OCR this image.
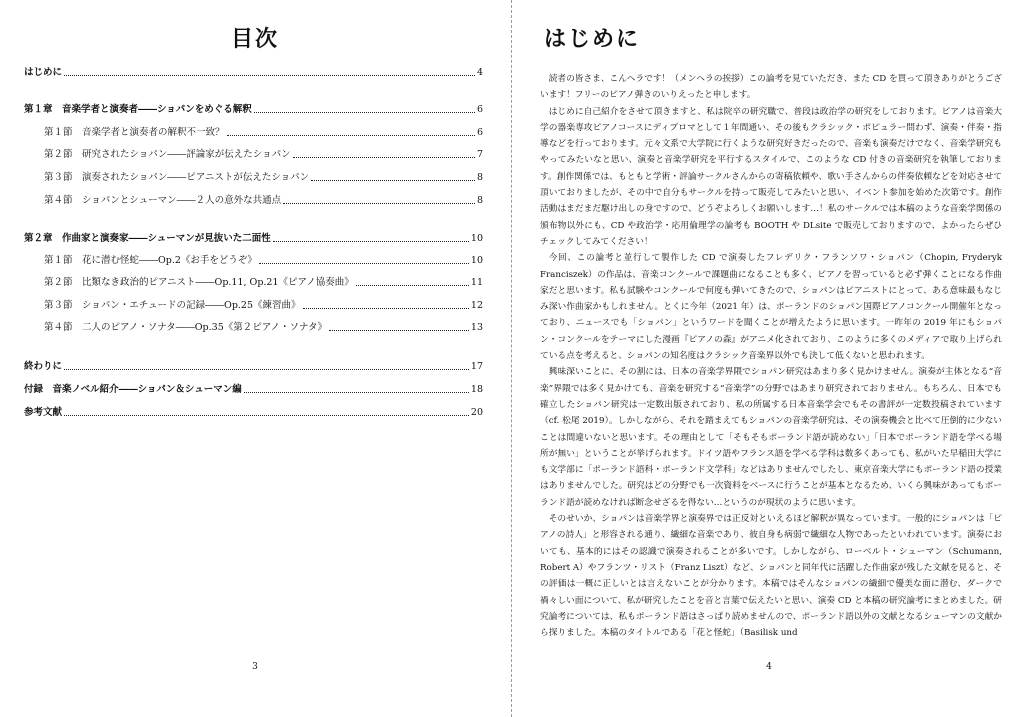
目次
はじめに	4
第１章　音楽学者と演奏者――ショパンをめぐる解釈	6
第１節　音楽学者と演奏者の解釈不一致？	6
第２節　研究されたショパン――評論家が伝えたショパン	7
第３節　演奏されたショパン――ピアニストが伝えたショパン	8
第４節　ショパンとシューマン――２人の意外な共通点	8
第２章　作曲家と演奏家――シューマンが見抜いた二面性	10
第１節　花に潜む怪蛇――Op.2《お手をどうぞ》	10
第２節　比類なき政治的ピアニスト――Op.11, Op.21《ピアノ協奏曲》	11
第３節　ショパン・エチュードの記録――Op.25《練習曲》	12
第４節　二人のピアノ・ソナタ――Op.35《第２ピアノ・ソナタ》	13
終わりに	17
付録　音楽ノベル紹介――ショパン＆シューマン編	18
参考文献	20
3
はじめに

読者の皆さま、こんヘラです！（メンヘラの挨拶）この論考を見ていただき、また CD を買って頂きありがとうございます！フリーのピアノ弾きのいりえったと申します。

はじめに自己紹介をさせて頂きますと、私は院卒の研究職で、普段は政治学の研究をしております。ピアノは音楽大学の器楽専攻ピアノコースにディプロマとして１年間通い、その後もクラシック・ポピュラー問わず、演奏・伴奏・指導などを行っております。元々文系で大学院に行くような研究好きだったので、音楽も演奏だけでなく、音楽学研究もやってみたいなと思い、演奏と音楽学研究を平行するスタイルで、このような CD 付きの音楽研究を執筆しております。創作関係では、もともと学術・評論サークルさんからの寄稿依頼や、歌い手さんからの伴奏依頼などを対応させて頂いておりましたが、その中で自分もサークルを持って販売してみたいと思い、イベント参加を始めた次第です。創作活動はまだまだ駆け出しの身ですので、どうぞよろしくお願いします…！私のサークルでは本稿のような音楽学関係の頒布物以外にも、CD や政治学・応用倫理学の論考も BOOTH や DLsite で販売しておりますので、よかったらぜひチェックしてみてください！

今回、この論考と並行して製作した CD で演奏したフレデリク・フランソワ・ショパン（Chopin, Fryderyk Franciszek）の作品は、音楽コンクールで課題曲になることも多く、ピアノを習っていると必ず弾くことになる作曲家だと思います。私も試験やコンクールで何度も弾いてきたので、ショパンはピアニストにとって、ある意味最もなじみ深い作曲家かもしれません。とくに今年（2021 年）は、ポーランドのショパン国際ピアノコンクール開催年となっており、ニュースでも「ショパン」というワードを聞くことが増えたように思います。一昨年の 2019 年にもショパン・コンクールをテーマにした漫画『ピアノの森』がアニメ化されており、このように多くのメディアで取り上げられている点を考えると、ショパンの知名度はクラシック音楽界以外でも決して低くないと思われます。

興味深いことに、その割には、日本の音楽学界隈でショパン研究はあまり多く見かけません。演奏が主体となる“音楽”界隈では多く見かけても、音楽を研究する“音楽学”の分野ではあまり研究されておりません。もちろん、日本でも確立したショパン研究は一定数出版されており、私の所属する日本音楽学会でもその書評が一定数投稿されています（cf. 松尾 2019）。しかしながら、それを踏まえてもショパンの音楽学研究は、その演奏機会と比べて圧倒的に少ないことは間違いないと思います。その理由として「そもそもポーランド語が読めない」「日本でポーランド語を学べる場所が無い」ということが挙げられます。ドイツ語やフランス語を学べる学科は数多くあっても、私がいた早稲田大学にも文学部に「ポーランド語科・ポーランド文学科」などはありませんでしたし、東京音楽大学にもポーランド語の授業はありませんでした。研究はどの分野でも一次資料をベースに行うことが基本となるため、いくら興味があってもポーランド語が読めなければ断念せざるを得ない…というのが現状のように思います。

そのせいか、ショパンは音楽学界と演奏界では正反対といえるほど解釈が異なっています。一般的にショパンは「ピアノの詩人」と形容される通り、繊細な音楽であり、彼自身も病弱で繊細な人物であったといわれています。演奏においても、基本的にはその認識で演奏されることが多いです。しかしながら、ローベルト・シューマン（Schumann, Robert A）やフランツ・リスト（Franz Liszt）など、ショパンと同年代に活躍した作曲家が残した文献を見ると、その評価は一概に正しいとは言えないことが分かります。本稿ではそんなショパンの繊細で優美な面に潜む、ダークで禍々しい面について、私が研究したことを音と言葉で伝えたいと思い、演奏 CD と本稿の研究論考にまとめました。研究論考については、私もポーランド語はさっぱり読めませんので、ポーランド語以外の文献となるシューマンの文献から探りました。本稿のタイトルである「花と怪蛇」（Basilisk und

4
